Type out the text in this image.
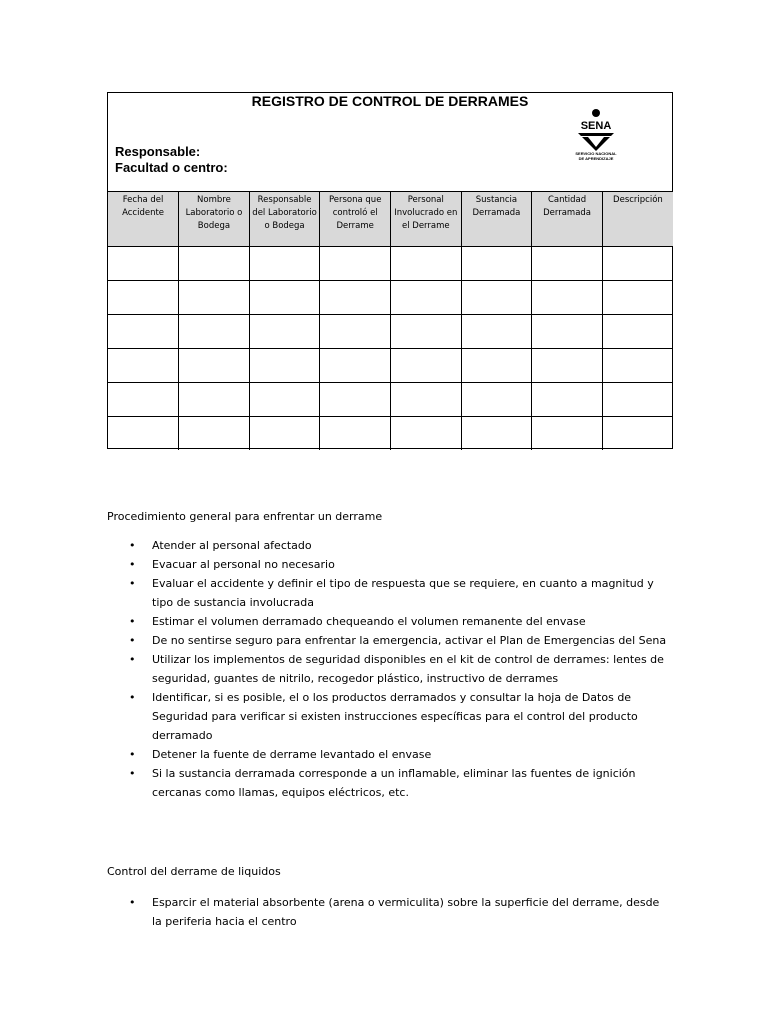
REGISTRO DE CONTROL DE DERRAMES
Responsable:
Facultad o centro:
SENA
SERVICIO NACIONAL
DE APRENDIZAJE
Fecha del Accidente	Nombre Laboratorio o Bodega	Responsable del Laboratorio o Bodega	Persona que controló el Derrame	Personal Involucrado en el Derrame	Sustancia Derramada	Cantidad Derramada	Descripción

Procedimiento general para enfrentar un derrame
• Atender al personal afectado
• Evacuar al personal no necesario
• Evaluar el accidente y definir el tipo de respuesta que se requiere, en cuanto a magnitud y tipo de sustancia involucrada
• Estimar el volumen derramado chequeando el volumen remanente del envase
• De no sentirse seguro para enfrentar la emergencia, activar el Plan de Emergencias del Sena
• Utilizar los implementos de seguridad disponibles en el kit de control de derrames: lentes de seguridad, guantes de nitrilo, recogedor plástico, instructivo de derrames
• Identificar, si es posible, el o los productos derramados y consultar la hoja de Datos de Seguridad para verificar si existen instrucciones específicas para el control del producto derramado
• Detener la fuente de derrame levantado el envase
• Si la sustancia derramada corresponde a un inflamable, eliminar las fuentes de ignición cercanas como llamas, equipos eléctricos, etc.
Control del derrame de liquidos
• Esparcir el material absorbente (arena o vermiculita) sobre la superficie del derrame, desde la periferia hacia el centro
